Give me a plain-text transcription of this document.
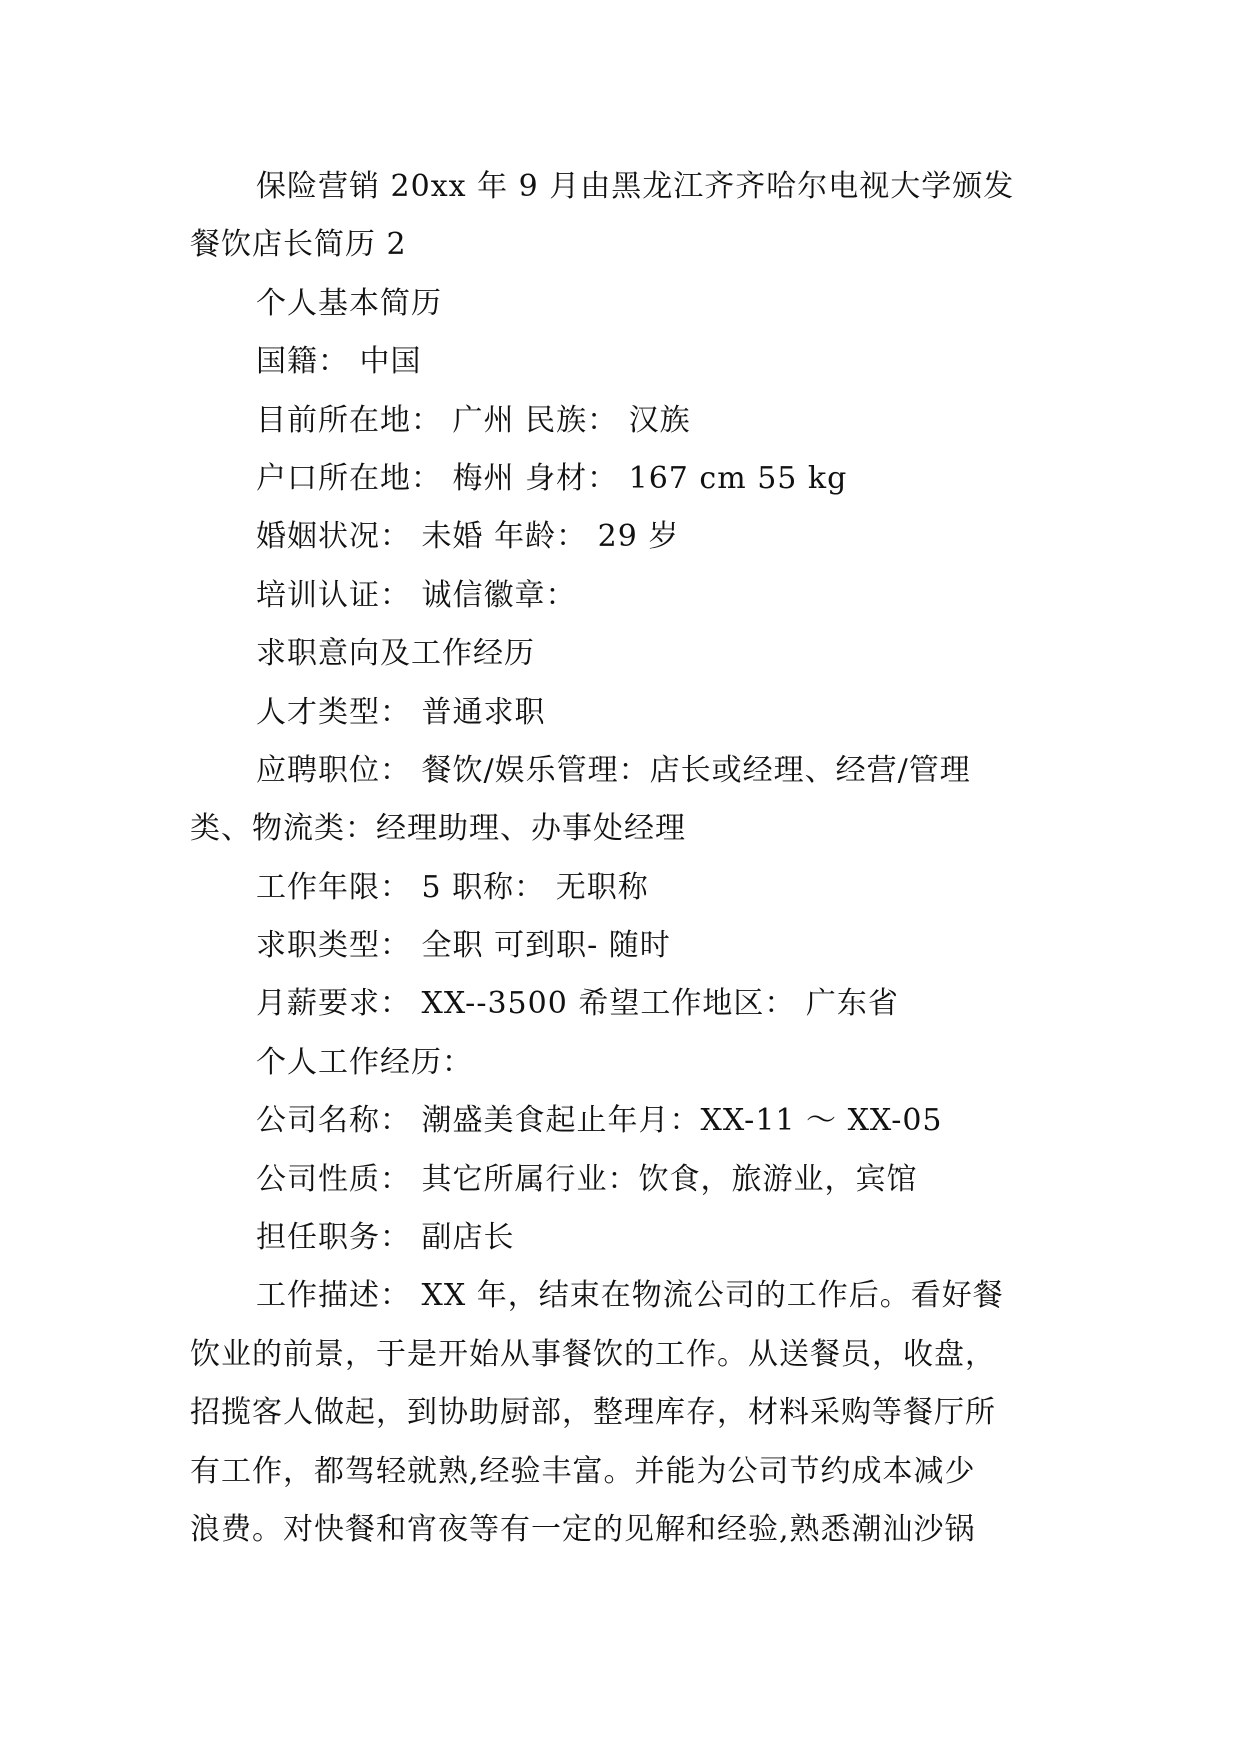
保险营销 20xx 年 9 月由黑龙江齐齐哈尔电视大学颁发
餐饮店长简历 2
个人基本简历
国籍： 中国
目前所在地： 广州 民族： 汉族
户口所在地： 梅州 身材： 167 cm 55 kg
婚姻状况： 未婚 年龄： 29 岁
培训认证： 诚信徽章：
求职意向及工作经历
人才类型： 普通求职
应聘职位： 餐饮/娱乐管理：店长或经理、经营/管理
类、物流类：经理助理、办事处经理
工作年限： 5 职称： 无职称
求职类型： 全职 可到职- 随时
月薪要求： XX--3500 希望工作地区： 广东省
个人工作经历：
公司名称： 潮盛美食起止年月：XX-11 ～ XX-05
公司性质： 其它所属行业：饮食，旅游业，宾馆
担任职务： 副店长
工作描述： XX 年，结束在物流公司的工作后。看好餐
饮业的前景，于是开始从事餐饮的工作。从送餐员，收盘，
招揽客人做起，到协助厨部，整理库存，材料采购等餐厅所
有工作，都驾轻就熟,经验丰富。并能为公司节约成本减少
浪费。对快餐和宵夜等有一定的见解和经验,熟悉潮汕沙锅
